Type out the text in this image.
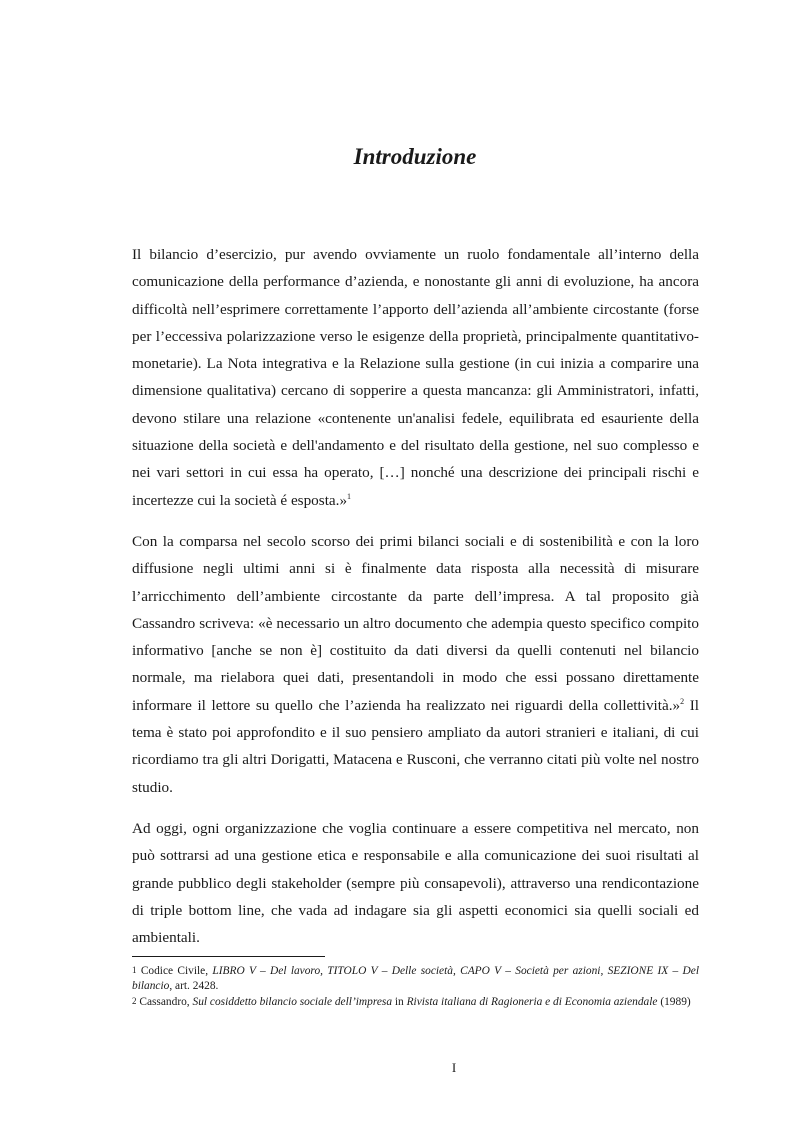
Introduzione

Il bilancio d’esercizio, pur avendo ovviamente un ruolo fondamentale all’interno della comunicazione della performance d’azienda, e nonostante gli anni di evoluzione, ha ancora difficoltà nell’esprimere correttamente l’apporto dell’azienda all’ambiente circostante (forse per l’eccessiva polarizzazione verso le esigenze della proprietà, principalmente quantitativo-monetarie). La Nota integrativa e la Relazione sulla gestione (in cui inizia a comparire una dimensione qualitativa) cercano di sopperire a questa mancanza: gli Amministratori, infatti, devono stilare una relazione «contenente un'analisi fedele, equilibrata ed esauriente della situazione della società e dell'andamento e del risultato della gestione, nel suo complesso e nei vari settori in cui essa ha operato, […] nonché una descrizione dei principali rischi e incertezze cui la società é esposta.»$^1$

Con la comparsa nel secolo scorso dei primi bilanci sociali e di sostenibilità e con la loro diffusione negli ultimi anni si è finalmente data risposta alla necessità di misurare l’arricchimento dell’ambiente circostante da parte dell’impresa. A tal proposito già Cassandro scriveva: «è necessario un altro documento che adempia questo specifico compito informativo [anche se non è] costituito da dati diversi da quelli contenuti nel bilancio normale, ma rielabora quei dati, presentandoli in modo che essi possano direttamente informare il lettore su quello che l’azienda ha realizzato nei riguardi della collettività.»$^2$ Il tema è stato poi approfondito e il suo pensiero ampliato da autori stranieri e italiani, di cui ricordiamo tra gli altri Dorigatti, Matacena e Rusconi, che verranno citati più volte nel nostro studio.

Ad oggi, ogni organizzazione che voglia continuare a essere competitiva nel mercato, non può sottrarsi ad una gestione etica e responsabile e alla comunicazione dei suoi risultati al grande pubblico degli stakeholder (sempre più consapevoli), attraverso una rendicontazione di triple bottom line, che vada ad indagare sia gli aspetti economici sia quelli sociali ed ambientali.

1 Codice Civile, LIBRO V – Del lavoro, TITOLO V – Delle società, CAPO V – Società per azioni, SEZIONE IX – Del bilancio, art. 2428.

2 Cassandro, Sul cosiddetto bilancio sociale dell’impresa in Rivista italiana di Ragioneria e di Economia aziendale (1989)

I
